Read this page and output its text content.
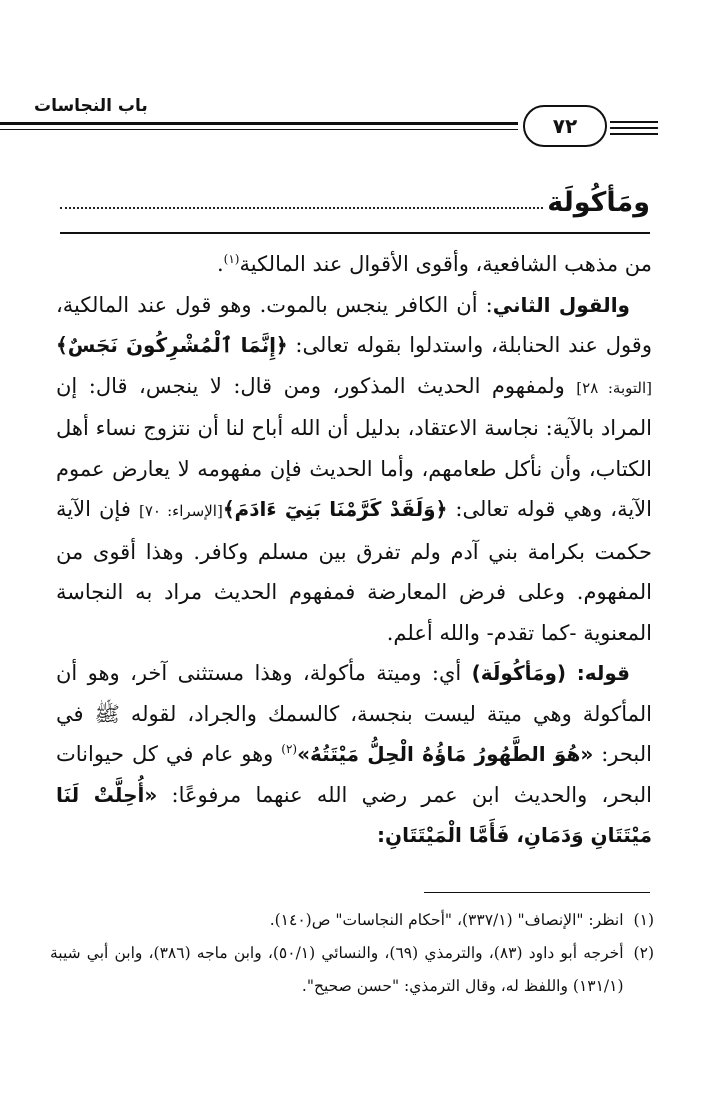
٧٢
باب النجاسات
ومَأكُولَة

من مذهب الشافعية، وأقوى الأقوال عند المالكية$^{(١)}$.

والقول الثاني: أن الكافر ينجس بالموت. وهو قول عند المالكية، وقول عند الحنابلة، واستدلوا بقوله تعالى: ﴿إِنَّمَا ٱلْمُشْرِكُونَ نَجَسٌ﴾[التوبة: ٢٨] ولمفهوم الحديث المذكور، ومن قال: لا ينجس، قال: إن المراد بالآية: نجاسة الاعتقاد، بدليل أن الله أباح لنا أن نتزوج نساء أهل الكتاب، وأن نأكل طعامهم، وأما الحديث فإن مفهومه لا يعارض عموم الآية، وهي قوله تعالى: ﴿وَلَقَدْ كَرَّمْنَا بَنِيٓ ءَادَمَ﴾[الإسراء: ٧٠] فإن الآية حكمت بكرامة بني آدم ولم تفرق بين مسلم وكافر. وهذا أقوى من المفهوم. وعلى فرض المعارضة فمفهوم الحديث مراد به النجاسة المعنوية -كما تقدم- والله أعلم.

قوله: (ومَأكُولَة) أي: وميتة مأكولة، وهذا مستثنى آخر، وهو أن المأكولة وهي ميتة ليست بنجسة، كالسمك والجراد، لقوله ﷺ في البحر: «هُوَ الطَّهُورُ مَاؤُهُ الْحِلُّ مَيْتَتُهُ»$^{(٢)}$ وهو عام في كل حيوانات البحر، والحديث ابن عمر رضي الله عنهما مرفوعًا: «أُحِلَّتْ لَنَا مَيْتَتَانِ وَدَمَانِ، فَأَمَّا الْمَيْتَتَانِ:

(١)
انظر: "الإنصاف" (٣٣٧/١)، "أحكام النجاسات" ص(١٤٠).
(٢)
أخرجه أبو داود (٨٣)، والترمذي (٦٩)، والنسائي (٥٠/١)، وابن ماجه (٣٨٦)، وابن أبي شيبة (١٣١/١) واللفظ له، وقال الترمذي: "حسن صحيح".
